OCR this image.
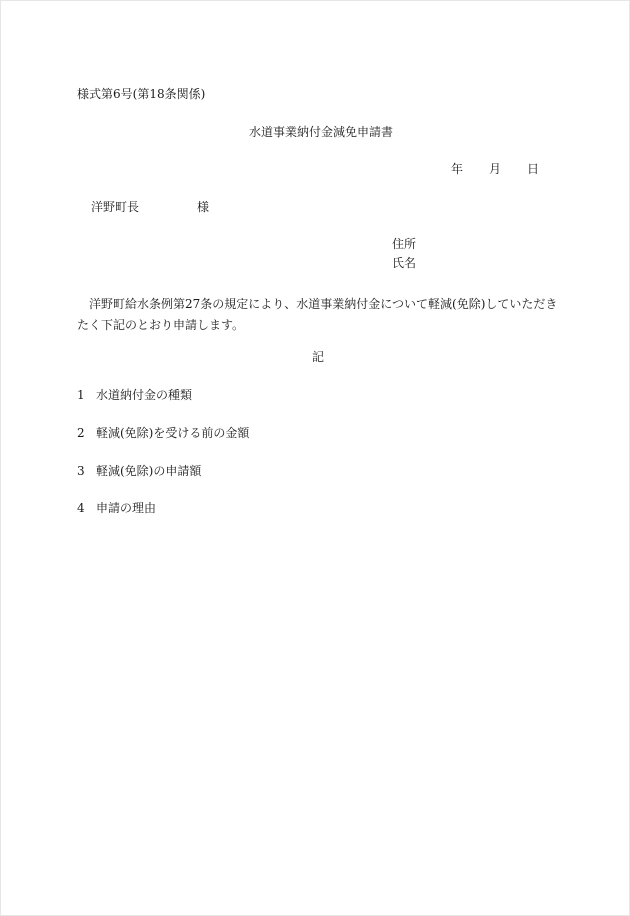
様式第6号(第18条関係)
水道事業納付金減免申請書
年 月 日
洋野町長	様
住所
氏名
洋野町給水条例第27条の規定により、水道事業納付金について軽減(免除)していただきたく下記のとおり申請します。
記
1 水道納付金の種類
2 軽減(免除)を受ける前の金額
3 軽減(免除)の申請額
4 申請の理由
